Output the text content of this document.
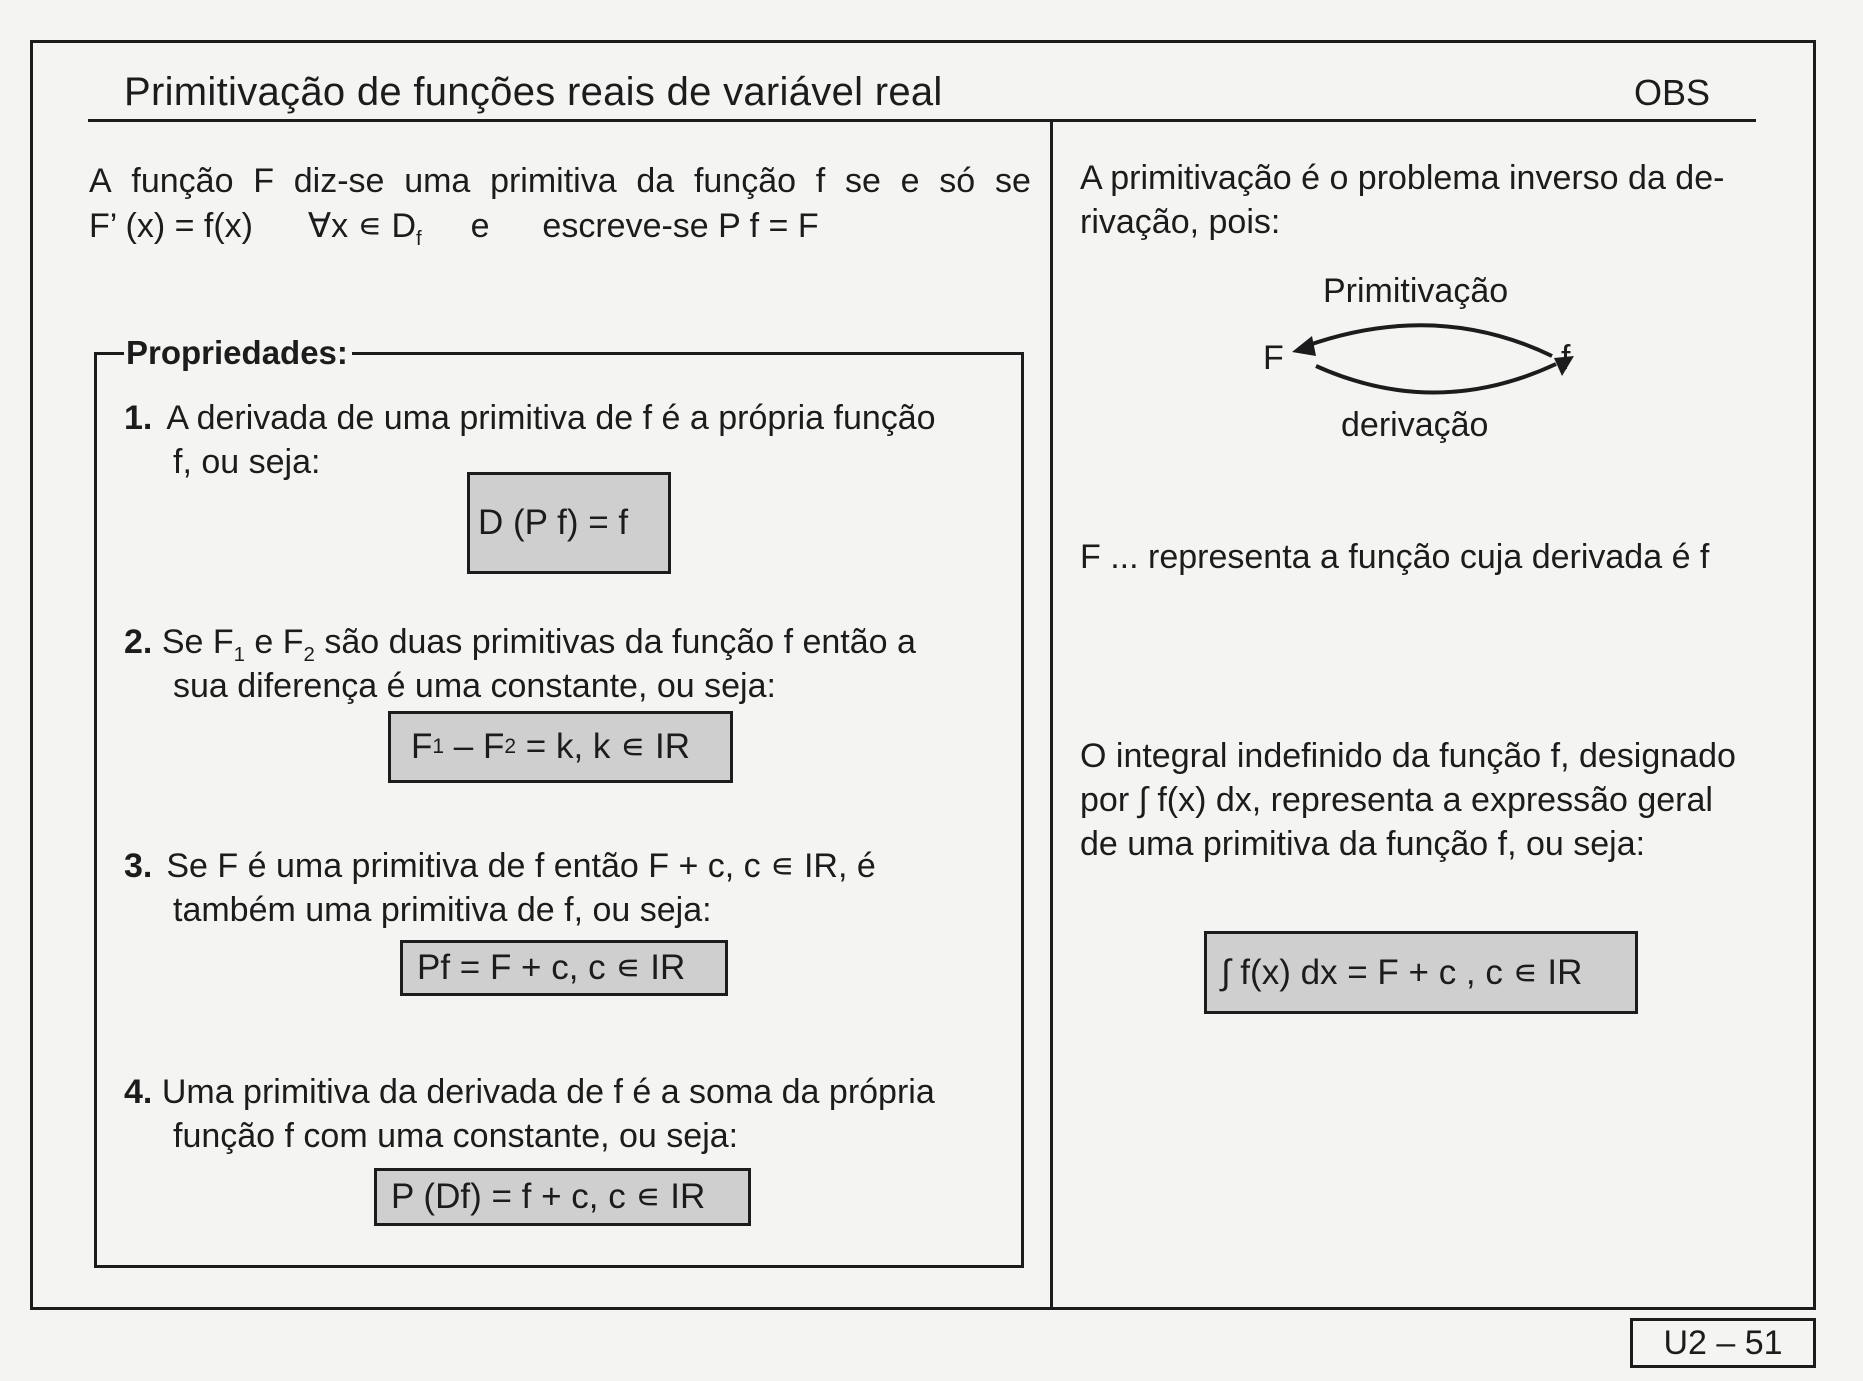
Primitivação de funções reais de variável real	OBS
A função F diz-se uma primitiva da função f se e só se
F’ (x) = f(x) ∀x ∊ $D_f$ e escreve-se P f = F
Propriedades:
1. A derivada de uma primitiva de f é a própria função
f, ou seja:
D (P f) = f
2. Se $F_1$ e $F_2$ são duas primitivas da função f então a
sua diferença é uma constante, ou seja:
F 1 – F 2 = k, k ∊ IR
3. Se F é uma primitiva de f então F + c, c ∊ IR, é
também uma primitiva de f, ou seja:
Pf = F + c, c ∊ IR
4. Uma primitiva da derivada de f é a soma da própria
função f com uma constante, ou seja:
P (Df) = f + c, c ∊ IR
A primitivação é o problema inverso da de-
rivação, pois:
Primitivação
F
derivação
F ... representa a função cuja derivada é f
O integral indefinido da função f, designado
por ∫ f(x) dx, representa a expressão geral
de uma primitiva da função f, ou seja:
∫ f(x) dx = F + c , c ∊ IR
U2 – 51
